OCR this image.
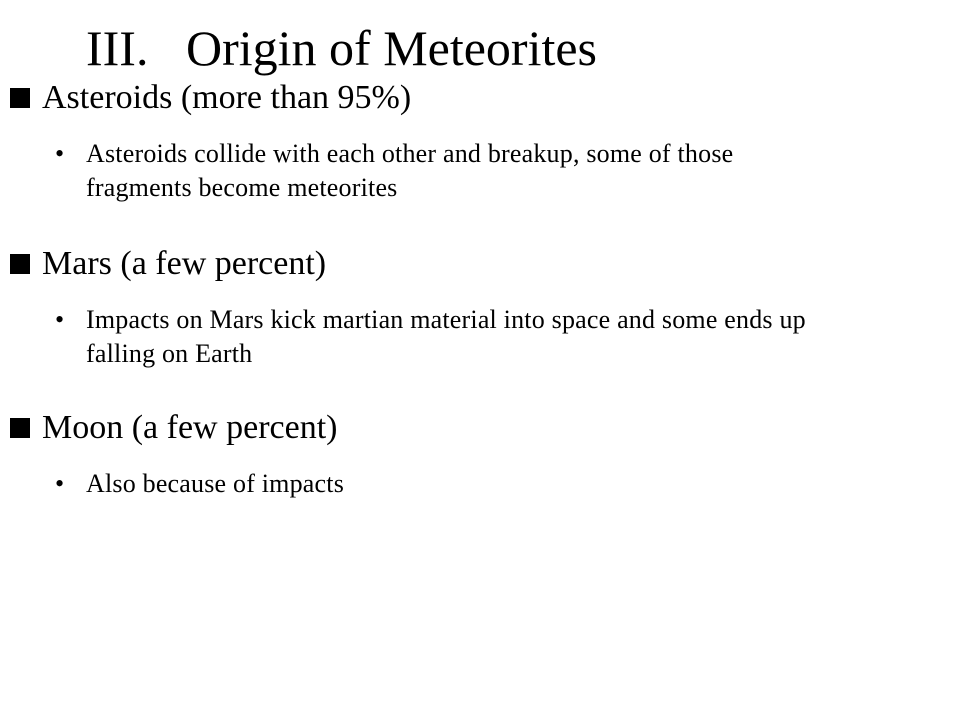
III. Origin of Meteorites
Asteroids (more than 95%)
• Asteroids collide with each other and breakup, some of those fragments become meteorites
Mars (a few percent)
• Impacts on Mars kick martian material into space and some ends up falling on Earth
Moon (a few percent)
• Also because of impacts
